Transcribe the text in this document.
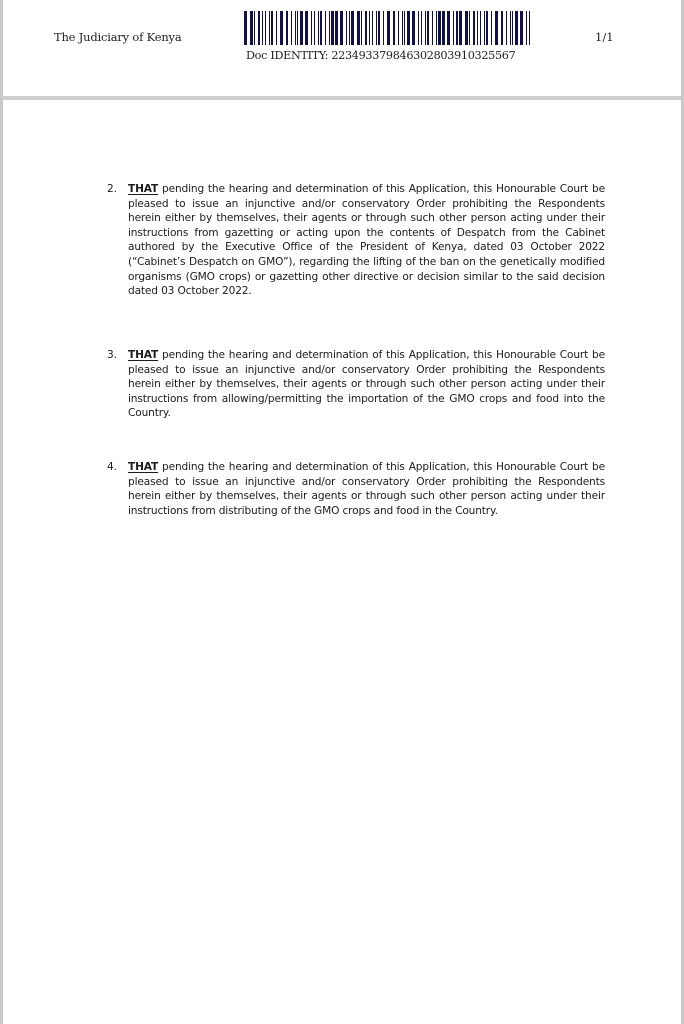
The Judiciary of Kenya
Doc IDENTITY: 223493379846302803910325567
1/1
2. THAT pending the hearing and determination of this Application, this Honourable Court be pleased to issue an injunctive and/or conservatory Order prohibiting the Respondents herein either by themselves, their agents or through such other person acting under their instructions from gazetting or acting upon the contents of Despatch from the Cabinet authored by the Executive Office of the President of Kenya, dated 03 October 2022 (“Cabinet’s Despatch on GMO”), regarding the lifting of the ban on the genetically modified organisms (GMO crops) or gazetting other directive or decision similar to the said decision dated 03 October 2022.
3. THAT pending the hearing and determination of this Application, this Honourable Court be pleased to issue an injunctive and/or conservatory Order prohibiting the Respondents herein either by themselves, their agents or through such other person acting under their instructions from allowing/permitting the importation of the GMO crops and food into the Country.
4. THAT pending the hearing and determination of this Application, this Honourable Court be pleased to issue an injunctive and/or conservatory Order prohibiting the Respondents herein either by themselves, their agents or through such other person acting under their instructions from distributing of the GMO crops and food in the Country.
